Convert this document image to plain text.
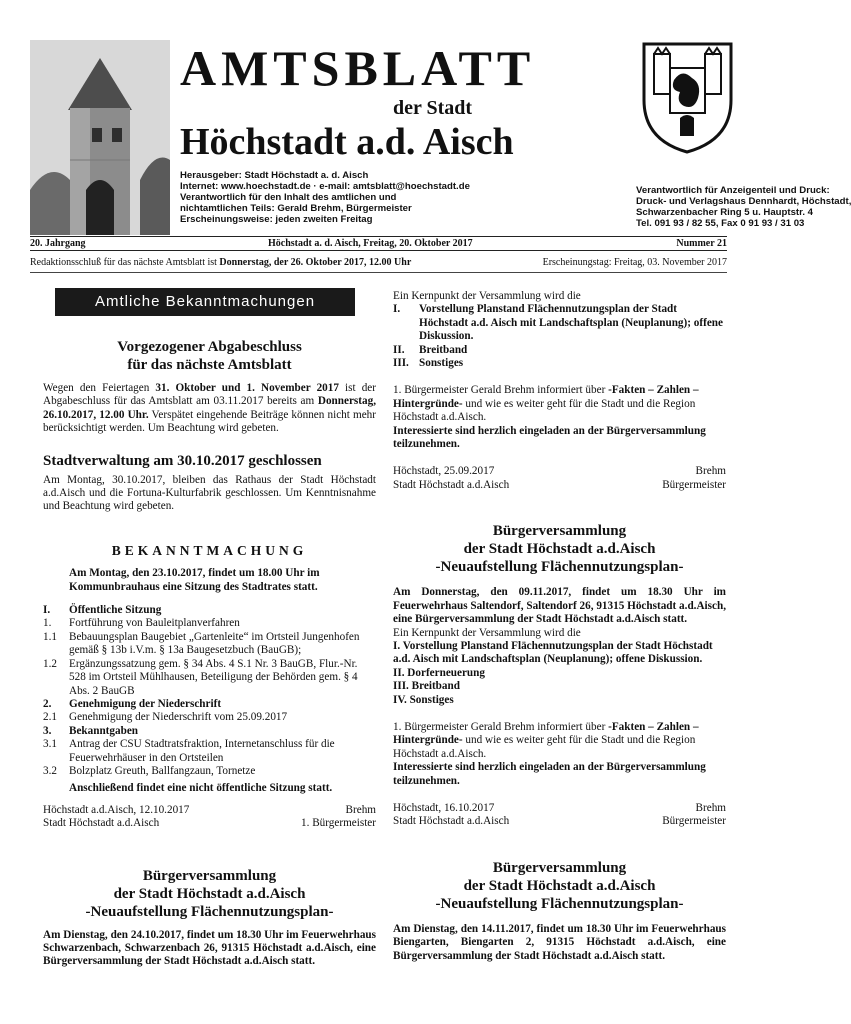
AMTSBLATT
der Stadt
Höchstadt a.d. Aisch
Herausgeber: Stadt Höchstadt a. d. Aisch
Internet: www.hoechstadt.de · e-mail: amtsblatt@hoechstadt.de
Verantwortlich für den Inhalt des amtlichen und
nichtamtlichen Teils: Gerald Brehm, Bürgermeister
Erscheinungsweise: jeden zweiten Freitag
Verantwortlich für Anzeigenteil und Druck:
Druck- und Verlagshaus Dennhardt, Höchstadt,
Schwarzenbacher Ring 5 u. Hauptstr. 4
Tel. 091 93 / 82 55, Fax 0 91 93 / 31 03
20. Jahrgang	Höchstadt a. d. Aisch, Freitag, 20. Oktober 2017	Nummer 21
Redaktionsschluß für das nächste Amtsblatt ist Donnerstag, der 26. Oktober 2017, 12.00 Uhr	Erscheinungstag: Freitag, 03. November 2017
Amtliche Bekanntmachungen
Vorgezogener Abgabeschluss
für das nächste Amtsblatt

Wegen den Feiertagen 31. Oktober und 1. November 2017 ist der Abgabeschluss für das Amtsblatt am 03.11.2017 bereits am Donnerstag, 26.10.2017, 12.00 Uhr. Verspätet eingehende Beiträge können nicht mehr berücksichtigt werden. Um Beachtung wird gebeten.

Stadtverwaltung am 30.10.2017 geschlossen

Am Montag, 30.10.2017, bleiben das Rathaus der Stadt Höchstadt a.d.Aisch und die Fortuna-Kulturfabrik geschlossen. Um Kenntnisnahme und Beachtung wird gebeten.

BEKANNTMACHUNG

Am Montag, den 23.10.2017, findet um 18.00 Uhr im Kommunbrauhaus eine Sitzung des Stadtrates statt.

I.	Öffentliche Sitzung
1.	Fortführung von Bauleitplanverfahren
1.1	Bebauungsplan Baugebiet „Gartenleite“ im Ortsteil Jungenhofen gemäß § 13b i.V.m. § 13a Baugesetzbuch (BauGB);
1.2	Ergänzungssatzung gem. § 34 Abs. 4 S.1 Nr. 3 BauGB, Flur.-Nr. 528 im Ortsteil Mühlhausen, Beteiligung der Behörden gem. § 4 Abs. 2 BauGB
2.	Genehmigung der Niederschrift
2.1	Genehmigung der Niederschrift vom 25.09.2017
3.	Bekanntgaben
3.1	Antrag der CSU Stadtratsfraktion, Internetanschluss für die Feuerwehrhäuser in den Ortsteilen
3.2	Bolzplatz Greuth, Ballfangzaun, Tornetze

Anschließend findet eine nicht öffentliche Sitzung statt.

Höchstadt a.d.Aisch, 12.10.2017	Brehm
Stadt Höchstadt a.d.Aisch	1. Bürgermeister
Bürgerversammlung
der Stadt Höchstadt a.d.Aisch
-Neuaufstellung Flächennutzungsplan-

Am Dienstag, den 24.10.2017, findet um 18.30 Uhr im Feuerwehrhaus Schwarzenbach, Schwarzenbach 26, 91315 Höchstadt a.d.Aisch, eine Bürgerversammlung der Stadt Höchstadt a.d.Aisch statt.

Ein Kernpunkt der Versammlung wird die

I.	Vorstellung Planstand Flächennutzungsplan der Stadt Höchstadt a.d. Aisch mit Landschaftsplan (Neuplanung); offene Diskussion.
II.	Breitband
III. Sonstiges

1. Bürgermeister Gerald Brehm informiert über -Fakten – Zahlen – Hintergründe- und wie es weiter geht für die Stadt und die Region Höchstadt a.d.Aisch.

Interessierte sind herzlich eingeladen an der Bürgerversammlung teilzunehmen.

Höchstadt, 25.09.2017	Brehm
Stadt Höchstadt a.d.Aisch	Bürgermeister
Bürgerversammlung
der Stadt Höchstadt a.d.Aisch
-Neuaufstellung Flächennutzungsplan-

Am Donnerstag, den 09.11.2017, findet um 18.30 Uhr im Feuerwehrhaus Saltendorf, Saltendorf 26, 91315 Höchstadt a.d.Aisch, eine Bürgerversammlung der Stadt Höchstadt a.d.Aisch statt.

Ein Kernpunkt der Versammlung wird die

I. Vorstellung Planstand Flächennutzungsplan der Stadt Höchstadt a.d. Aisch mit Landschaftsplan (Neuplanung); offene Diskussion.
II. Dorferneuerung
III. Breitband
IV. Sonstiges

1. Bürgermeister Gerald Brehm informiert über -Fakten – Zahlen – Hintergründe- und wie es weiter geht für die Stadt und die Region Höchstadt a.d.Aisch.

Interessierte sind herzlich eingeladen an der Bürgerversammlung teilzunehmen.

Höchstadt, 16.10.2017	Brehm
Stadt Höchstadt a.d.Aisch	Bürgermeister
Bürgerversammlung
der Stadt Höchstadt a.d.Aisch
-Neuaufstellung Flächennutzungsplan-

Am Dienstag, den 14.11.2017, findet um 18.30 Uhr im Feuerwehrhaus Biengarten, Biengarten 2, 91315 Höchstadt a.d.Aisch, eine Bürgerversammlung der Stadt Höchstadt a.d.Aisch statt.
